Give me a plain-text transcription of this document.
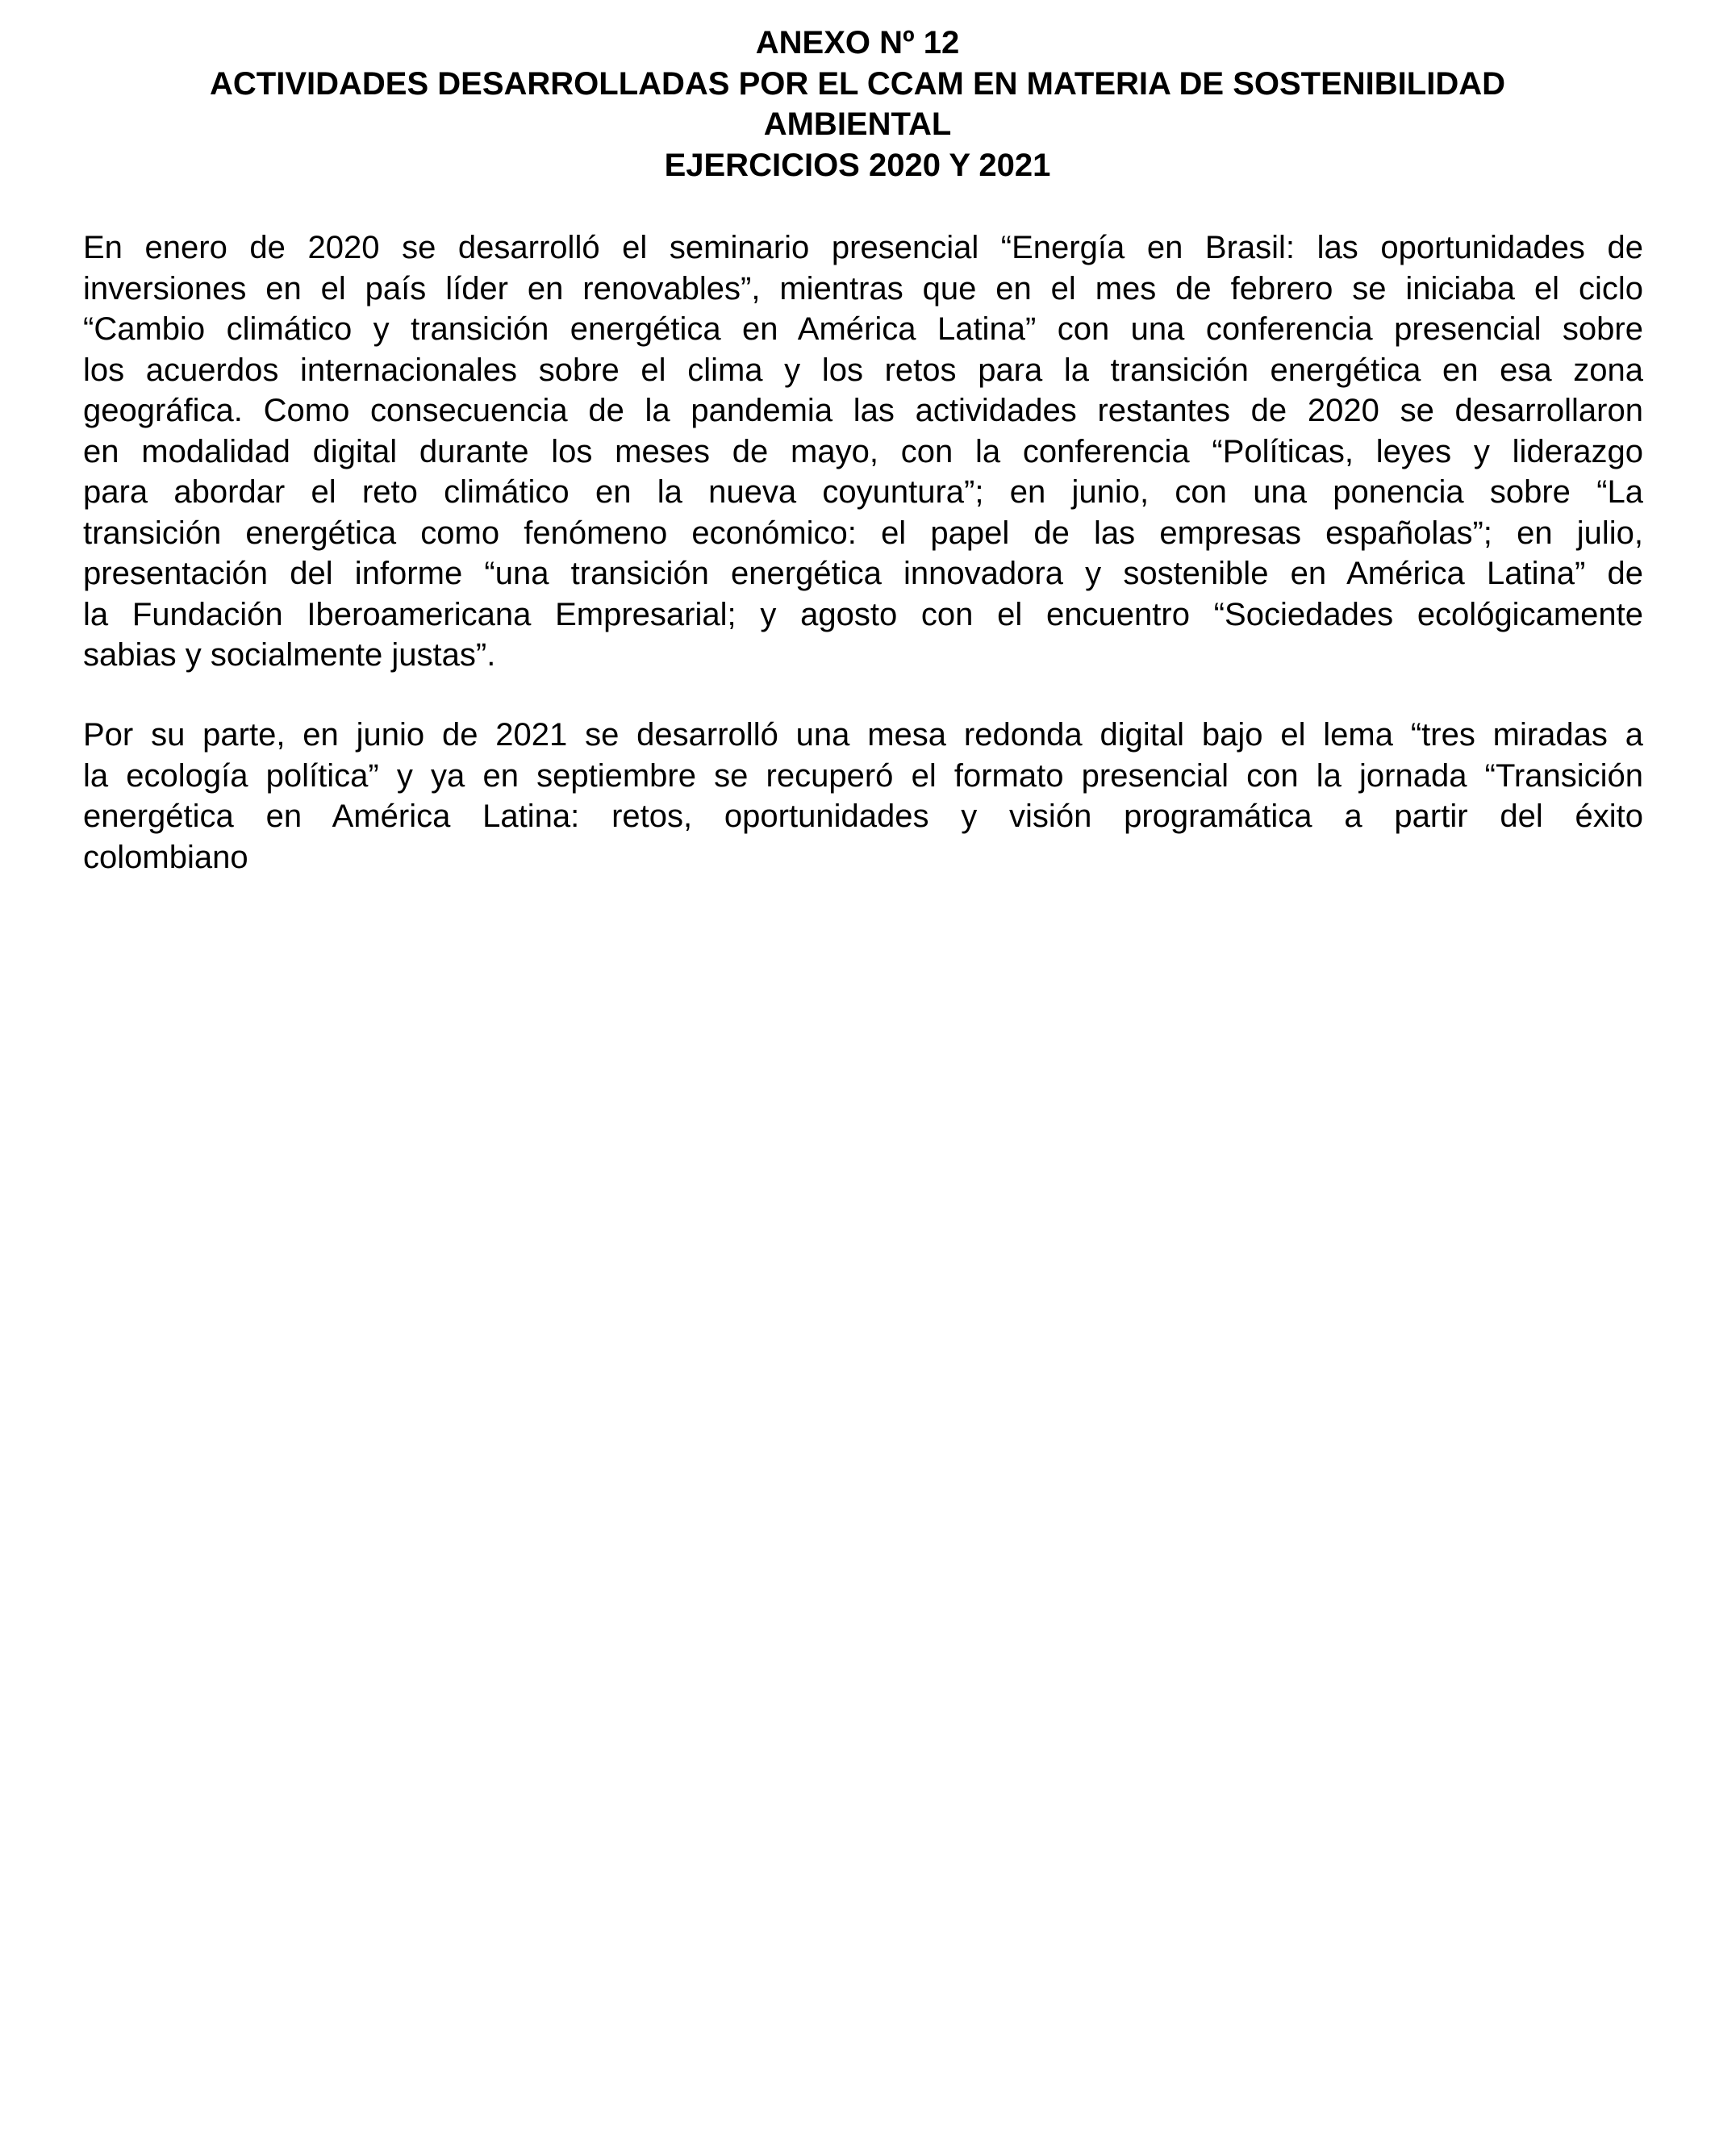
ANEXO Nº 12
ACTIVIDADES DESARROLLADAS POR EL CCAM EN MATERIA DE SOSTENIBILIDAD
AMBIENTAL
EJERCICIOS 2020 Y 2021
En enero de 2020 se desarrolló el seminario presencial “Energía en Brasil: las oportunidades de
inversiones en el país líder en renovables”, mientras que en el mes de febrero se iniciaba el ciclo
“Cambio climático y transición energética en América Latina” con una conferencia presencial sobre
los acuerdos internacionales sobre el clima y los retos para la transición energética en esa zona
geográfica. Como consecuencia de la pandemia las actividades restantes de 2020 se desarrollaron
en modalidad digital durante los meses de mayo, con la conferencia “Políticas, leyes y liderazgo
para abordar el reto climático en la nueva coyuntura”; en junio, con una ponencia sobre “La
transición energética como fenómeno económico: el papel de las empresas españolas”; en julio,
presentación del informe “una transición energética innovadora y sostenible en América Latina” de
la Fundación Iberoamericana Empresarial; y agosto con el encuentro “Sociedades ecológicamente
sabias y socialmente justas”.
Por su parte, en junio de 2021 se desarrolló una mesa redonda digital bajo el lema “tres miradas a
la ecología política” y ya en septiembre se recuperó el formato presencial con la jornada “Transición
energética en América Latina: retos, oportunidades y visión programática a partir del éxito
colombiano
